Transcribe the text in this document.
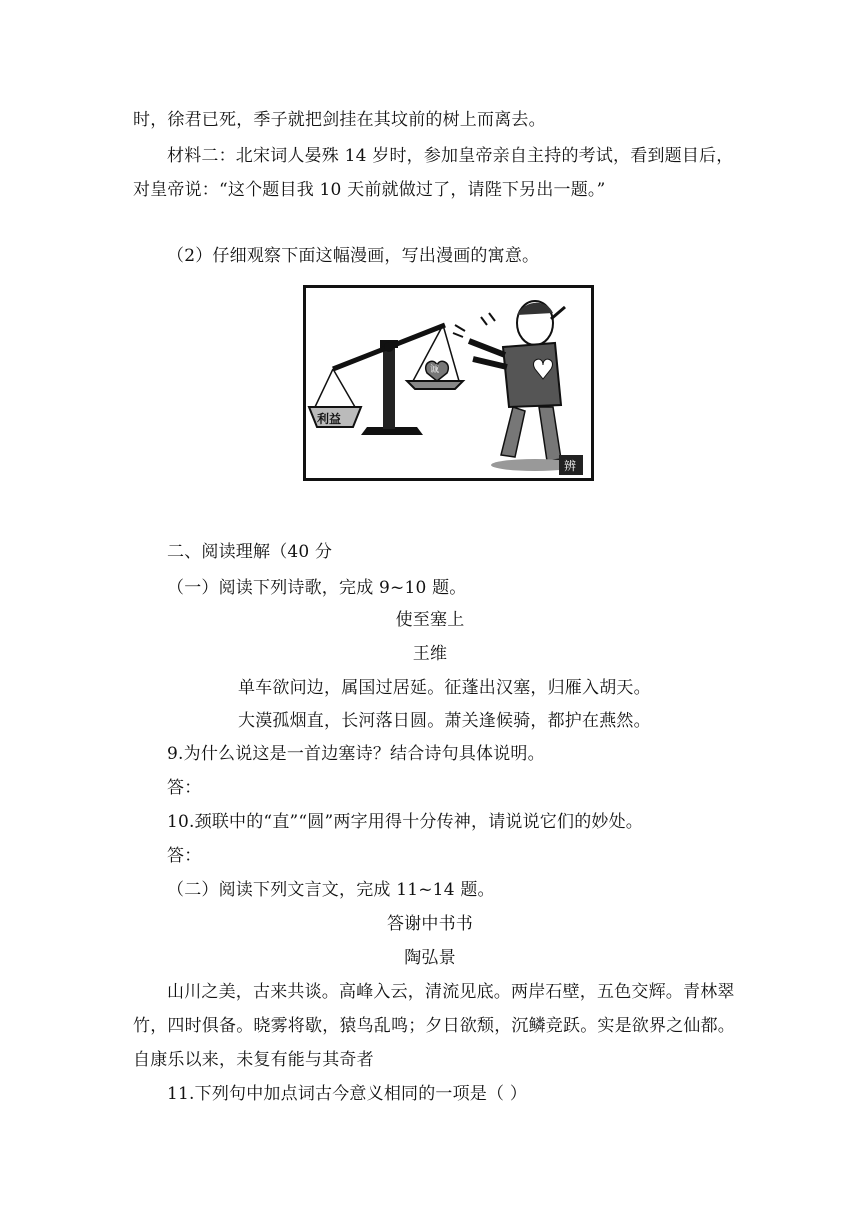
时，徐君已死，季子就把剑挂在其坟前的树上而离去。
材料二：北宋词人晏殊 14 岁时，参加皇帝亲自主持的考试，看到题目后，
对皇帝说：“这个题目我 10 天前就做过了，请陛下另出一题。”
（2）仔细观察下面这幅漫画，写出漫画的寓意。
利益
诚
辨
二、阅读理解（40 分
（一）阅读下列诗歌，完成 9~10 题。
使至塞上
王维
单车欲问边，属国过居延。征蓬出汉塞，归雁入胡天。
大漠孤烟直，长河落日圆。萧关逢候骑，都护在燕然。
9.为什么说这是一首边塞诗？结合诗句具体说明。
答：
10.颈联中的“直”“圆”两字用得十分传神，请说说它们的妙处。
答：
（二）阅读下列文言文，完成 11~14 题。
答谢中书书
陶弘景
山川之美，古来共谈。高峰入云，清流见底。两岸石壁，五色交辉。青林翠
竹，四时俱备。晓雾将歇，猿鸟乱鸣；夕日欲颓，沉鳞竞跃。实是欲界之仙都。
自康乐以来，未复有能与其奇者
11.下列句中加点词古今意义相同的一项是（ ）
